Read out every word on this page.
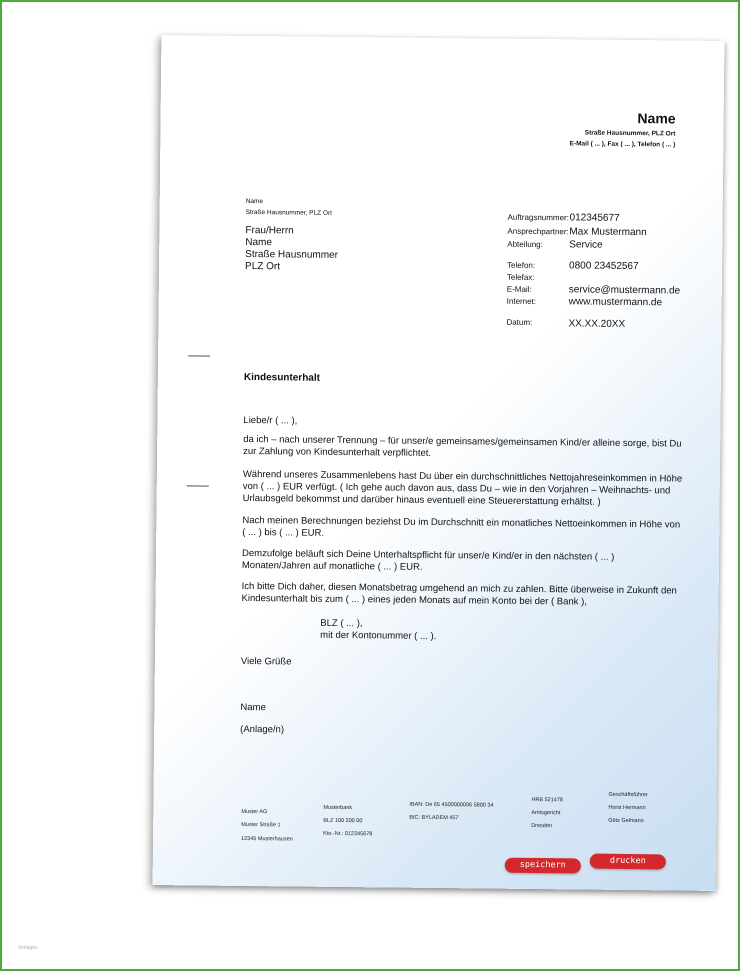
Name
Straße Hausnummer, PLZ Ort
E-Mail ( ... ), Fax ( ... ), Telefon ( ... )
Name
Straße Hausnummer, PLZ Ort
Frau/Herrn
Name
Straße Hausnummer
PLZ Ort
Auftragsnummer: 012345677
Ansprechpartner: Max Mustermann
Abteilung:	Service
Telefon:	0800 23452567
Telefax:
E-Mail:	service@mustermann.de
Internet:	www.mustermann.de
Datum:	XX.XX.20XX
Kindesunterhalt
Liebe/r ( ... ),
da ich – nach unserer Trennung – für unser/e gemeinsames/gemeinsamen Kind/er alleine sorge, bist Du zur Zahlung von Kindesunterhalt verpflichtet.
Während unseres Zusammenlebens hast Du über ein durchschnittliches Nettojahreseinkommen in Höhe von ( ... ) EUR verfügt. ( Ich gehe auch davon aus, dass Du – wie in den Vorjahren – Weihnachts- und Urlaubsgeld bekommst und darüber hinaus eventuell eine Steuererstattung erhältst. )
Nach meinen Berechnungen beziehst Du im Durchschnitt ein monatliches Nettoeinkommen in Höhe von ( ... ) bis ( ... ) EUR.
Demzufolge beläuft sich Deine Unterhaltspflicht für unser/e Kind/er in den nächsten ( ... ) Monaten/Jahren auf monatliche ( ... ) EUR.
Ich bitte Dich daher, diesen Monatsbetrag umgehend an mich zu zahlen. Bitte überweise in Zukunft den Kindesunterhalt bis zum ( ... ) eines jeden Monats auf mein Konto bei der ( Bank ),
BLZ ( ... ),
mit der Kontonummer ( ... ).
Viele Grüße
Name
(Anlage/n)
Muster AG
Muster Straße 1
12345 Musterhausen
Musterbank
BLZ 100 200 00
Kto.-Nr.: 012345678
IBAN: De 65 4500000006 5800 34
BIC: BYLADEM 457
HRB 521478
Amtsgericht
Dresden
Geschäftsführer
Horst Hermann
Götz Gelmann
speichern	drucken
Vorlagen
